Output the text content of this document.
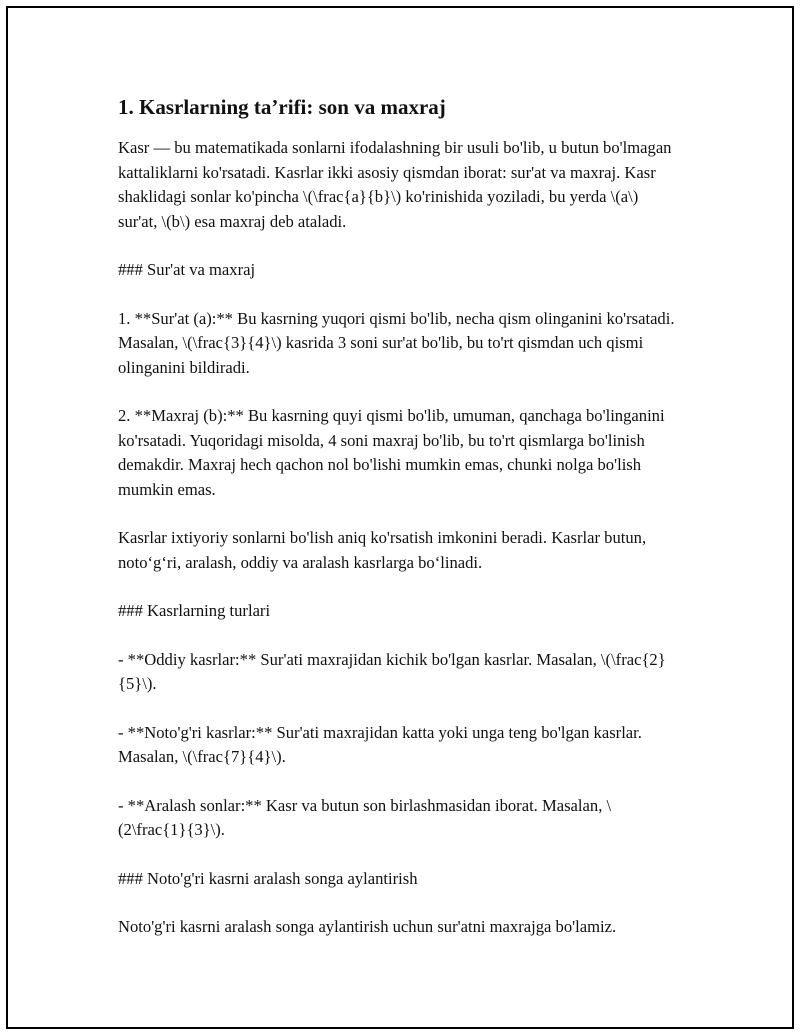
1. Kasrlarning ta’rifi: son va maxraj

Kasr — bu matematikada sonlarni ifodalashning bir usuli bo'lib, u butun bo'lmagan kattaliklarni ko'rsatadi. Kasrlar ikki asosiy qismdan iborat: sur'at va maxraj. Kasr shaklidagi sonlar ko'pincha \(\frac{a}{b}\) ko'rinishida yoziladi, bu yerda \(a\) sur'at, \(b\) esa maxraj deb ataladi.

### Sur'at va maxraj

1. **Sur'at (a):** Bu kasrning yuqori qismi bo'lib, necha qism olinganini ko'rsatadi. Masalan, \(\frac{3}{4}\) kasrida 3 soni sur'at bo'lib, bu to'rt qismdan uch qismi olinganini bildiradi.

2. **Maxraj (b):** Bu kasrning quyi qismi bo'lib, umuman, qanchaga bo'linganini ko'rsatadi. Yuqoridagi misolda, 4 soni maxraj bo'lib, bu to'rt qismlarga bo'linish demakdir. Maxraj hech qachon nol bo'lishi mumkin emas, chunki nolga bo'lish mumkin emas.

Kasrlar ixtiyoriy sonlarni bo'lish aniq ko'rsatish imkonini beradi. Kasrlar butun, noto‘g‘ri, aralash, oddiy va aralash kasrlarga bo‘linadi.

### Kasrlarning turlari

- **Oddiy kasrlar:** Sur'ati maxrajidan kichik bo'lgan kasrlar. Masalan, \(\frac{2}{5}\).

- **Noto'g'ri kasrlar:** Sur'ati maxrajidan katta yoki unga teng bo'lgan kasrlar. Masalan, \(\frac{7}{4}\).

- **Aralash sonlar:** Kasr va butun son birlashmasidan iborat. Masalan, \(2\frac{1}{3}\).

### Noto'g'ri kasrni aralash songa aylantirish

Noto'g'ri kasrni aralash songa aylantirish uchun sur'atni maxrajga bo'lamiz.
